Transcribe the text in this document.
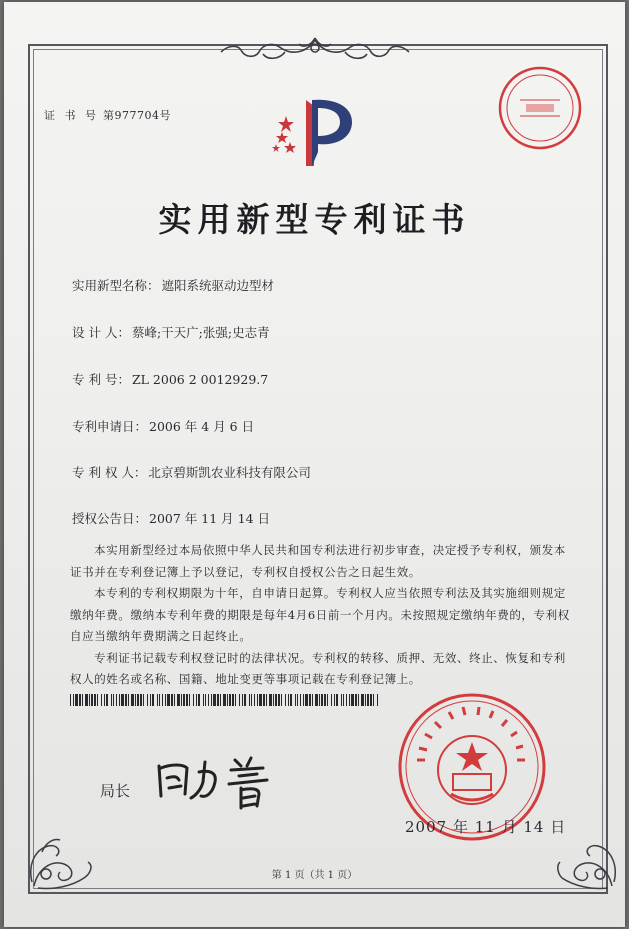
证 书 号 第977704号
实用新型专利证书
实用新型名称： 遮阳系统驱动边型材
设 计 人： 蔡峰;干天广;张强;史志青
专 利 号： ZL 2006 2 0012929.7
专利申请日： 2006 年 4 月 6 日
专 利 权 人： 北京碧斯凯农业科技有限公司
授权公告日： 2007 年 11 月 14 日

本实用新型经过本局依照中华人民共和国专利法进行初步审查，决定授予专利权，颁发本证书并在专利登记簿上予以登记，专利权自授权公告之日起生效。

本专利的专利权期限为十年，自申请日起算。专利权人应当依照专利法及其实施细则规定缴纳年费。缴纳本专利年费的期限是每年4月6日前一个月内。未按照规定缴纳年费的，专利权自应当缴纳年费期满之日起终止。

专利证书记载专利权登记时的法律状况。专利权的转移、质押、无效、终止、恢复和专利权人的姓名或名称、国籍、地址变更等事项记载在专利登记簿上。

局长
2007 年 11 月 14 日
第 1 页（共 1 页）
